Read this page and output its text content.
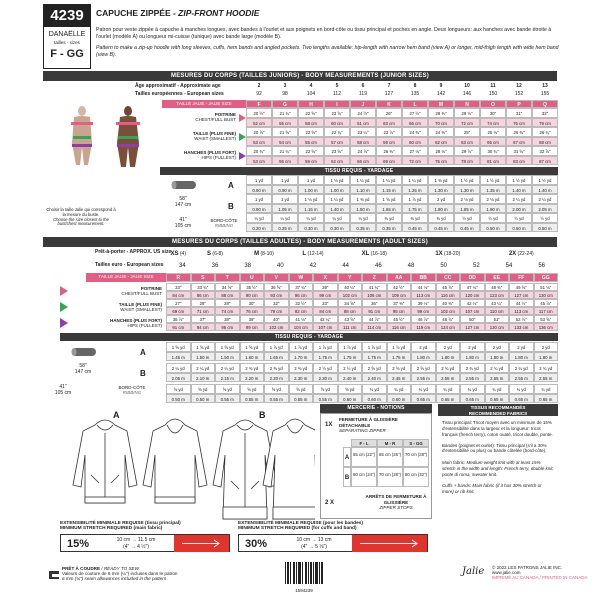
4239
DANAËLLE
tailles - sizes
F - GG
CAPUCHE ZIPPÉE - ZIP-FRONT HOODIE
Patron pour veste zippée à capuche à manches longues, avec bandes à l'ourlet et aux poignets en bord-côte ou tissu principal et poches en angle. Deux longueurs: aux hanches avec bande étroite à l'ourlet (modèle A) ou longueur mi-cuisse (tunique) avec bande large (modèle B).
Pattern to make a zip-up hoodie with long sleeves, cuffs, hem bands and angled pockets. Two lengths available: hip-length with narrow hem band (view A) or longer, mid-thigh length with wide hem band (view B).
MESURES DU CORPS (TAILLES JUNIORS) - BODY MEASUREMENTS (JUNIOR SIZES)
Choisir la taille Jalie qui correspond à la mesure du buste.
Choose the size closest to the bust/chest measurement.
Âge approximatif - Approximate age
Tailles européennes - European sizes
TAILLE JALIE - JALIE SIZE
2	3	4	5	6	7	8	9	10	11	12	13
92	98	104	112	119	127	135	142	146	150	152	155
F	G	H	I	J	K	L	M	N	O	P	Q
20 ½"	21 ¾"	22 ⅝"	23 ⅝"	24 ½"	26"	27 ½"	28 ⅜"	29 ⅛"	30"	31"	32"
52 cm	55 cm	58 cm	60 cm	61 cm	63 cm	66 cm	70 cm	72 cm	74 cm	76 cm	79 cm
20 ⅞"	21 ⅝"	22 ⅝"	22 ¾"	23 ¼"	23 ⅞"	24 ⅜"	24 ⅜"	25"	25 ⅛"	26 ⅜"	26 ¾"
53 cm	54 cm	55 cm	57 cm	58 cm	59 cm	60 cm	62 cm	63 cm	65 cm	67 cm	68 cm
20 ¾"	21 ¾"	22 ⅝"	23 ⅝"	24 ⅞"	26 ⅜"	27 ⅛"	28 ⅛"	29 ⅞"	30 ¾"	31 ⅝"	32 ⅞"
53 cm	55 cm	59 cm	62 cm	66 cm	69 cm	72 cm	75 cm	78 cm	81 cm	83 cm	87 cm
1 yd	1 yd	1 yd	1 ⅛ yd	1 ¼ yd	1 ¼ yd	1 ¼ yd	1 ⅜ yd	1 ½ yd	1 ½ yd	1 ½ yd	1 ½ yd
0.90 m	0.90 m	1.00 m	1.00 m	1.10 m	1.15 m	1.25 m	1.30 m	1.30 m	1.35 m	1.40 m	1.40 m
1 yd	1 yd	1 ⅛ yd	1 ¼ yd	1 ⅜ yd	1 ⅝ yd	1 ⅞ yd	2 yd	2 ⅛ yd	2 ⅛ yd	2 ¼ yd	2 ¼ yd
0.90 m	1.05 m	1.15 m	1.40 m	1.50 m	1.65 m	1.75 m	1.80 m	1.85 m	1.90 m	2.00 m	2.05 m
¼ yd	¼ yd	¼ yd	¼ yd	¼ yd	⅜ yd	⅜ yd	⅜ yd	½ yd	½ yd	½ yd	½ yd
0.20 m	0.25 m	0.30 m	0.30 m	0.35 m	0.35 m	0.45 m	0.45 m	0.45 m	0.50 m	0.50 m	0.50 m
POITRINE
CHEST/FULL BUST
TAILLE (PLUS FINE)
WAIST (SMALLEST)
HANCHES (PLUS FORT)
HIPS (FULLEST)
TISSU REQUIS - YARDAGE
58"
147 cm
41"
105 cm
A
B
BORD-CÔTE
RIBBING
MESURES DU CORPS (TAILLES ADULTES) - BODY MEASUREMENTS (ADULT SIZES)
Prêt-à-porter - APPROX. US size
Tailles euro - European sizes
TAILLE JALIE - JALIE SIZE
XS (4)	S (6-8)	M (8-10)	L (12-14)	XL (16-18)	1X (18-20)	2X (22-24)
34	36	38	40	42	44	46	48	50	52	54	56
R	S	T	U	V	W	X	Y	Z	AA	BB	CC	DD	EE	FF	GG
33"	33 ¾"	34 ⅝"	35 ½"	36 ⅝"	37 ¾"	39"	40 ¼"	41 ¾"	42 ½"	44 ⅛"	45 ⅞"	47 ¼"	48 ⅜"	49 ⅝"	51 ⅛"
84 cm	86 cm	88 cm	90 cm	93 cm	96 cm	99 cm	102 cm	106 cm	109 cm	113 cm	116 cm	120 cm	123 cm	127 cm	130 cm
27"	28"	28"	30"	32"	32 ½"	33"	34 ⅝"	36"	37 ⅜"	39 ⅛"	40 ⅜"	42 ⅛"	43 ¼"	44 ½"	45 ⅞"
69 cm	71 cm	74 cm	76 cm	79 cm	82 cm	84 cm	88 cm	91 cm	95 cm	99 cm	102 cm	107 cm	110 cm	113 cm	117 cm
35 ⅞"	37"	38"	39"	40"	41 ⅛"	42 ¼"	43 ⅝"	44 ⅞"	45 ½"	46 ⅞"	48 ⅞"	50"	51"	52 ½"	53 ⅝"
91 cm	94 cm	96 cm	99 cm	102 cm	104 cm	107 cm	111 cm	114 cm	116 cm	119 cm	124 cm	127 cm	130 cm	133 cm	136 cm
1 ⅝ yd	1 ⅝ yd	1 ⅝ yd	1 ⅝ yd	1 ⅞ yd	1 ⅞ yd	1 ⅞ yd	1 ⅞ yd	1 ⅞ yd	1 ⅞ yd	2 yd	2 yd	2 yd	2 yd	2 yd	2 yd
1.45 m	1.50 m	1.50 m	1.60 m	1.65 m	1.70 m	1.75 m	1.75 m	1.75 m	1.75 m	1.80 m	1.80 m	1.80 m	1.80 m	1.80 m	1.80 m
2 ¼ yd	2 ¼ yd	2 ¼ yd	2 ⅜ yd	2 ⅜ yd	2 ⅜ yd	2 ½ yd	2 ½ yd	2 ⅝ yd	2 ⅝ yd	2 ⅝ yd	2 ¾ yd	2 ¾ yd	2 ¾ yd	2 ¾ yd	2 ¾ yd
2.05 m	2.10 m	2.15 m	2.20 m	2.20 m	2.30 m	2.30 m	2.40 m	2.40 m	2.45 m	2.55 m	2.55 m	2.55 m	2.55 m	2.55 m	2.55 m
⅝ yd	⅝ yd	⅝ yd	⅝ yd	⅝ yd	⅝ yd	⅝ yd	⅝ yd	¾ yd	¾ yd	¾ yd	¾ yd	¾ yd	¾ yd	¾ yd	¾ yd
0.50 m	0.50 m	0.55 m	0.55 m	0.55 m	0.55 m	0.55 m	0.60 m	0.60 m	0.60 m	0.65 m	0.65 m	0.65 m	0.65 m	0.65 m	0.65 m
POITRINE
CHEST/FULL BUST
TAILLE (PLUS FINE)
WAIST (SMALLEST)
HANCHES (PLUS FORT)
HIPS (FULLEST)
TISSU REQUIS - YARDAGE
58"
147 cm
41"
105 cm
A
B
BORD-CÔTE
RIBBING
A	B
MERCERIE - NOTIONS
1X
FERMETURE À GLISSIÈRE DÉTACHABLE
SEPARATING ZIPPER
F - L	M - R	S - GG
A
55 cm (22") 65 cm (26") 70 cm (28")
B
60 cm (24") 70 cm (28") 80 cm (32")
2 X
ARRÊTS DE FERMETURE À GLISSIÈRE
ZIPPER STOPS
TISSUS RECOMMANDÉS
RECOMMENDED FABRICS
Tissu principal: Tricot moyen avec un minimum de 15% d'extensibilité dans la largeur et la longueur: tricot français (french terry), coton ouaté, tricot double, ponte.
Bandes (poignet et ourlet): Tissu principal (s'il a 30% d'extensibilité ou plus) ou bande côtelée (bord-côte).
Main fabric: Medium-weight knit with at least 15% stretch in the width and length: French terry, double knit, ponte di roma, sweater knit.
Cuffs + bands: Main fabric (if it has 30% stretch or more) or rib knit.
EXTENSIBILITÉ MINIMALE REQUISE (tissu principal)
MINIMUM STRETCH REQUIRED (main fabric)
15%	10 cm → 11.5 cm
(4" → 4 ½")
EXTENSIBILITÉ MINIMALE REQUISE (pour les bandes)
MINIMUM STRETCH REQUIRED (for cuffs and band)
30%	10 cm → 13 cm
(4" → 5 ⅛")
PRÊT À COUDRE / READY TO SEW
Valeurs de couture de 6 mm (¼") incluses dans le patron
6 mm (¼") seam allowances included in the pattern
1594239
Jalie © 2022 LES PATRONS JALIE INC.
www.jalie.com
IMPRIMÉ AU CANADA / PRINTED IN CANADA
